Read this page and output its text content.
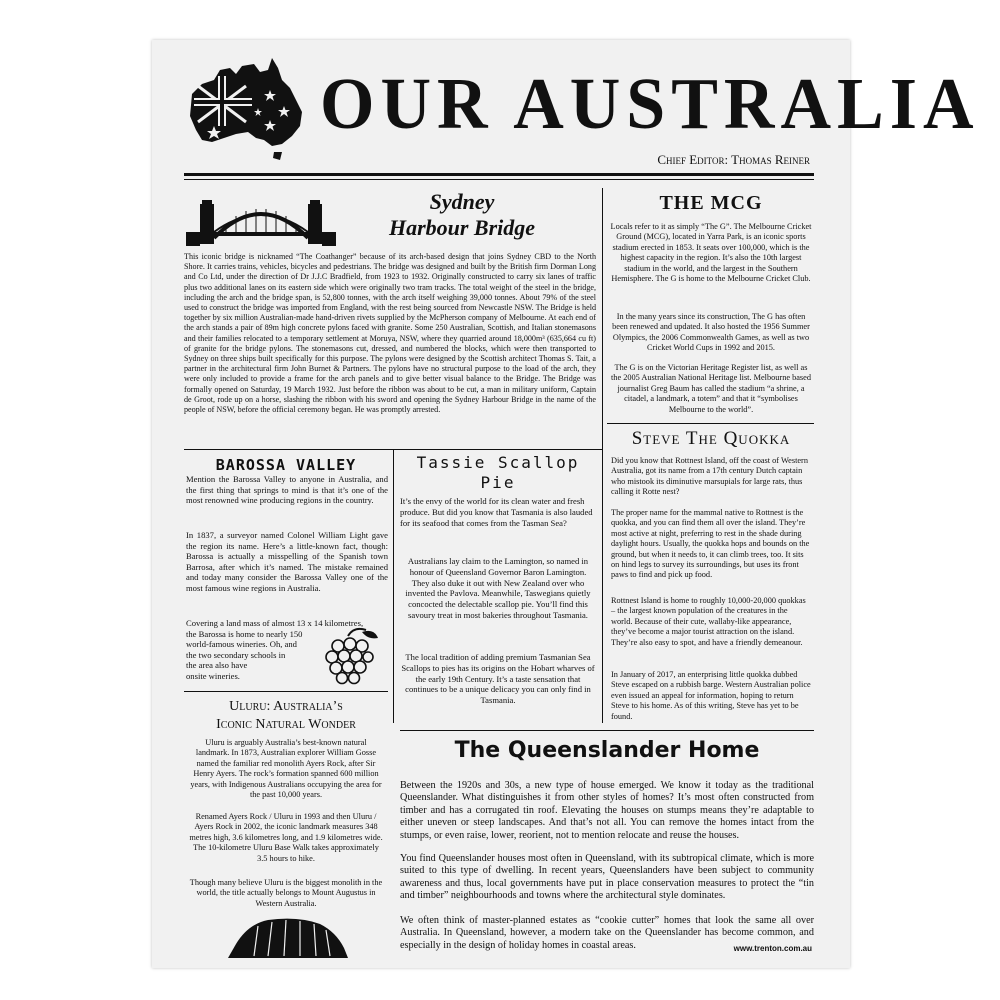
OUR AUSTRALIA
Chief Editor: Thomas Reiner
Sydney
Harbour Bridge

This iconic bridge is nicknamed “The Coathanger” because of its arch-based design that joins Sydney CBD to the North Shore. It carries trains, vehicles, bicycles and pedestrians. The bridge was designed and built by the British firm Dorman Long and Co Ltd, under the direction of Dr J.J.C Bradfield, from 1923 to 1932. Originally constructed to carry six lanes of traffic plus two additional lanes on its eastern side which were originally two tram tracks. The total weight of the steel in the bridge, including the arch and the bridge span, is 52,800 tonnes, with the arch itself weighing 39,000 tonnes. About 79% of the steel used to construct the bridge was imported from England, with the rest being sourced from Newcastle NSW. The Bridge is held together by six million Australian-made hand-driven rivets supplied by the McPherson company of Melbourne. At each end of the arch stands a pair of 89m high concrete pylons faced with granite. Some 250 Australian, Scottish, and Italian stonemasons and their families relocated to a temporary settlement at Moruya, NSW, where they quarried around 18,000m³ (635,664 cu ft) of granite for the bridge pylons. The stonemasons cut, dressed, and numbered the blocks, which were then transported to Sydney on three ships built specifically for this purpose. The pylons were designed by the Scottish architect Thomas S. Tait, a partner in the architectural firm John Burnet & Partners. The pylons have no structural purpose to the load of the arch, they were only included to provide a frame for the arch panels and to give better visual balance to the Bridge. The Bridge was formally opened on Saturday, 19 March 1932. Just before the ribbon was about to be cut, a man in military uniform, Captain de Groot, rode up on a horse, slashing the ribbon with his sword and opening the Sydney Harbour Bridge in the name of the people of NSW, before the official ceremony began. He was promptly arrested.

THE MCG

Locals refer to it as simply “The G”. The Melbourne Cricket Ground (MCG), located in Yarra Park, is an iconic sports stadium erected in 1853. It seats over 100,000, which is the highest capacity in the region. It’s also the 10th largest stadium in the world, and the largest in the Southern Hemisphere. The G is home to the Melbourne Cricket Club.

In the many years since its construction, The G has often been renewed and updated. It also hosted the 1956 Summer Olympics, the 2006 Commonwealth Games, as well as two Cricket World Cups in 1992 and 2015.

The G is on the Victorian Heritage Register list, as well as the 2005 Australian National Heritage list. Melbourne based journalist Greg Baum has called the stadium “a shrine, a citadel, a landmark, a totem” and that it “symbolises Melbourne to the world”.

Steve The Quokka

Did you know that Rottnest Island, off the coast of Western Australia, got its name from a 17th century Dutch captain who mistook its diminutive marsupials for large rats, thus calling it Rotte nest?

The proper name for the mammal native to Rottnest is the quokka, and you can find them all over the island. They’re most active at night, preferring to rest in the shade during daylight hours. Usually, the quokka hops and bounds on the ground, but when it needs to, it can climb trees, too. It sits on hind legs to survey its surroundings, but uses its front paws to find and pick up food.

Rottnest Island is home to roughly 10,000-20,000 quokkas – the largest known population of the creatures in the world. Because of their cute, wallaby-like appearance, they’ve become a major tourist attraction on the island. They’re also easy to spot, and have a friendly demeanour.

In January of 2017, an enterprising little quokka dubbed Steve escaped on a rubbish barge. Western Australian police even issued an appeal for information, hoping to return Steve to his home. As of this writing, Steve has yet to be found.

BAROSSA VALLEY

Mention the Barossa Valley to anyone in Australia, and the first thing that springs to mind is that it’s one of the most renowned wine producing regions in the country.

In 1837, a surveyor named Colonel William Light gave the region its name. Here’s a little-known fact, though: Barossa is actually a misspelling of the Spanish town Barrosa, after which it’s named. The mistake remained and today many consider the Barossa Valley one of the most famous wine regions in Australia.

Covering a land mass of almost 13 x 14 kilometres,
the Barossa is home to nearly 150
world-famous wineries. Oh, and
the two secondary schools in
the area also have
onsite wineries.

Tassie Scallop
Pie

It’s the envy of the world for its clean water and fresh produce. But did you know that Tasmania is also lauded for its seafood that comes from the Tasman Sea?

Australians lay claim to the Lamington, so named in honour of Queensland Governor Baron Lamington. They also duke it out with New Zealand over who invented the Pavlova. Meanwhile, Taswegians quietly concocted the delectable scallop pie. You’ll find this savoury treat in most bakeries throughout Tasmania.

The local tradition of adding premium Tasmanian Sea Scallops to pies has its origins on the Hobart wharves of the early 19th Century. It’s a taste sensation that continues to be a unique delicacy you can only find in Tasmania.

Uluru: Australia’s
Iconic Natural Wonder

Uluru is arguably Australia’s best-known natural landmark. In 1873, Australian explorer William Gosse named the familiar red monolith Ayers Rock, after Sir Henry Ayers. The rock’s formation spanned 600 million years, with Indigenous Australians occupying the area for the past 10,000 years.

Renamed Ayers Rock / Uluru in 1993 and then Uluru / Ayers Rock in 2002, the iconic landmark measures 348 metres high, 3.6 kilometres long, and 1.9 kilometres wide. The 10-kilometre Uluru Base Walk takes approximately 3.5 hours to hike.

Though many believe Uluru is the biggest monolith in the world, the title actually belongs to Mount Augustus in Western Australia.

The Queenslander Home

Between the 1920s and 30s, a new type of house emerged. We know it today as the traditional Queenslander. What distinguishes it from other styles of homes? It’s most often constructed from timber and has a corrugated tin roof. Elevating the houses on stumps means they’re adaptable to either uneven or steep landscapes. And that’s not all. You can remove the homes intact from the stumps, or even raise, lower, reorient, not to mention relocate and reuse the houses.

You find Queenslander houses most often in Queensland, with its subtropical climate, which is more suited to this type of dwelling. In recent years, Queenslanders have been subject to community awareness and thus, local governments have put in place conservation measures to protect the “tin and timber” neighbourhoods and towns where the architectural style dominates.

We often think of master-planned estates as “cookie cutter” homes that look the same all over Australia. In Queensland, however, a modern take on the Queenslander has become common, and especially in the design of holiday homes in coastal areas.	www.trenton.com.au
